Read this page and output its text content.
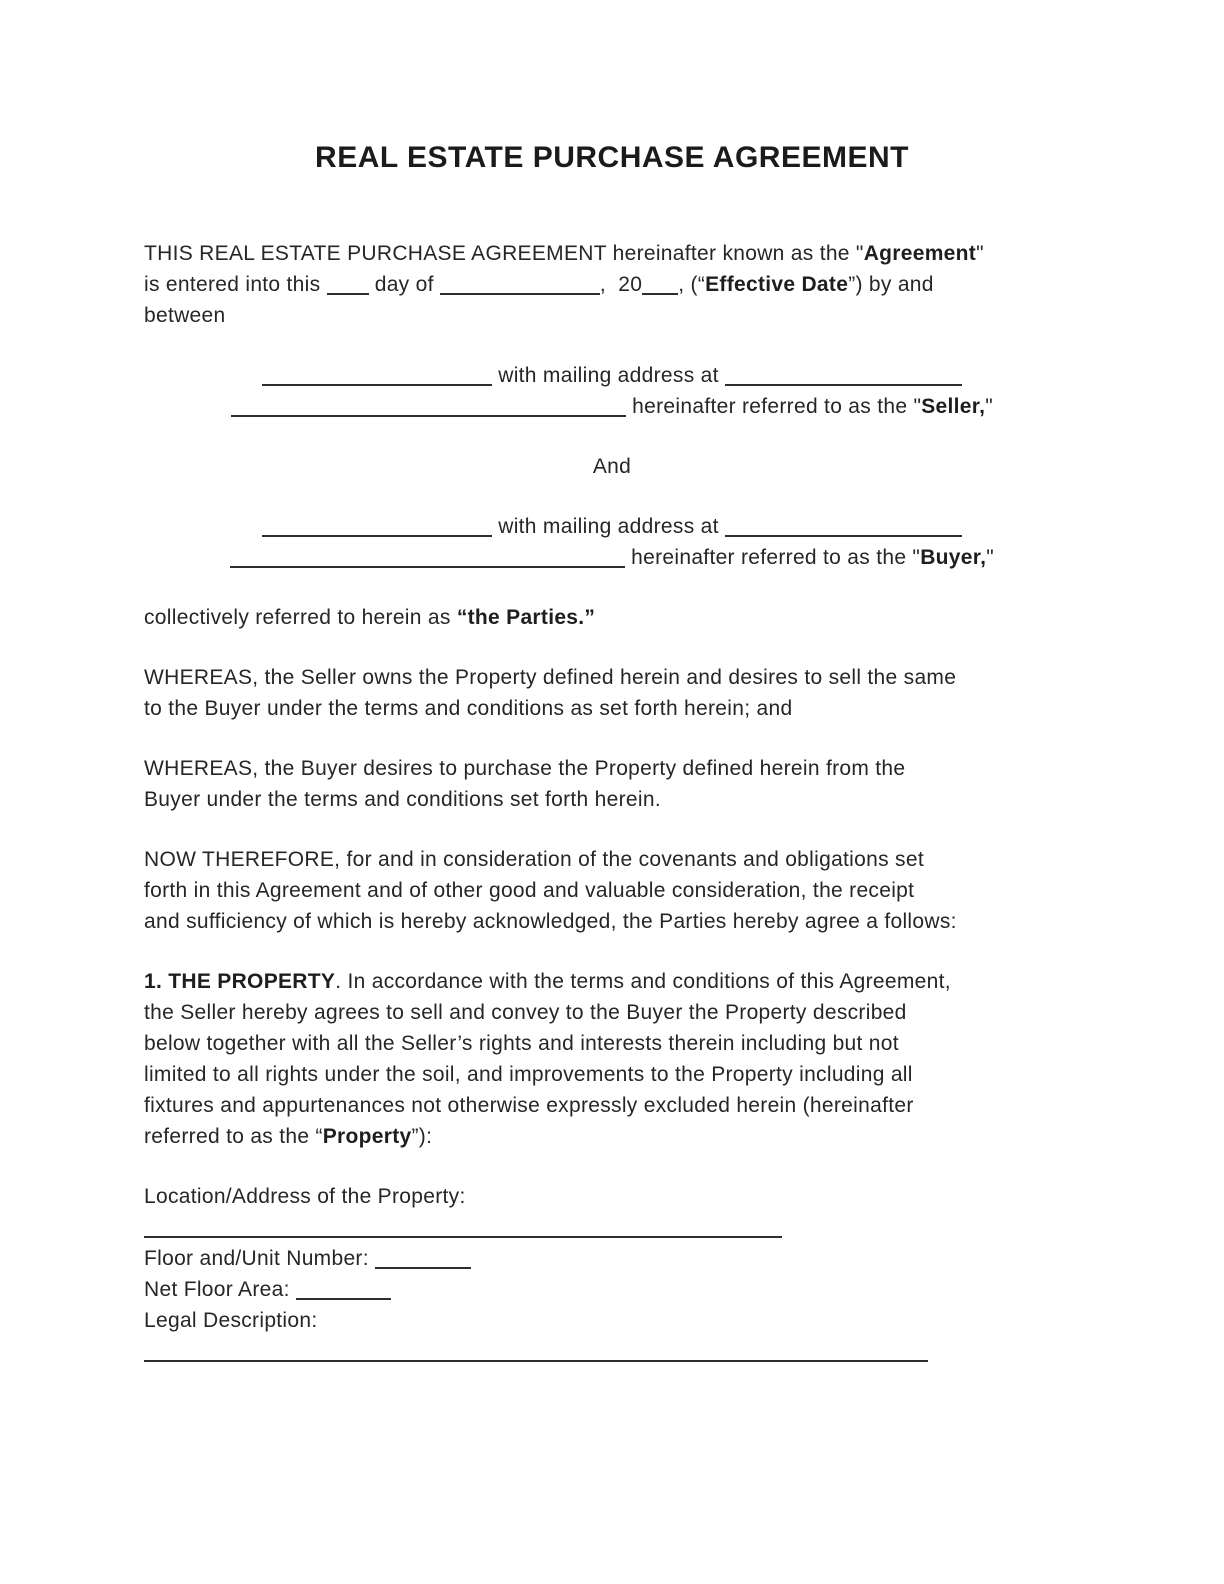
REAL ESTATE PURCHASE AGREEMENT

THIS REAL ESTATE PURCHASE AGREEMENT hereinafter known as the "Agreement"
is entered into this  day of	,  20 , (“Effective Date”) by and
between

with mailing address at
hereinafter referred to as the "Seller,"

And

with mailing address at
hereinafter referred to as the "Buyer,"

collectively referred to herein as “the Parties.”

WHEREAS, the Seller owns the Property defined herein and desires to sell the same
to the Buyer under the terms and conditions as set forth herein; and

WHEREAS, the Buyer desires to purchase the Property defined herein from the
Buyer under the terms and conditions set forth herein.

NOW THEREFORE, for and in consideration of the covenants and obligations set
forth in this Agreement and of other good and valuable consideration, the receipt
and sufficiency of which is hereby acknowledged, the Parties hereby agree a follows:

1. THE PROPERTY. In accordance with the terms and conditions of this Agreement,
the Seller hereby agrees to sell and convey to the Buyer the Property described
below together with all the Seller’s rights and interests therein including but not
limited to all rights under the soil, and improvements to the Property including all
fixtures and appurtenances not otherwise expressly excluded herein (hereinafter
referred to as the “Property”):

Location/Address of the Property:
Floor and/Unit Number:
Net Floor Area:
Legal Description:
